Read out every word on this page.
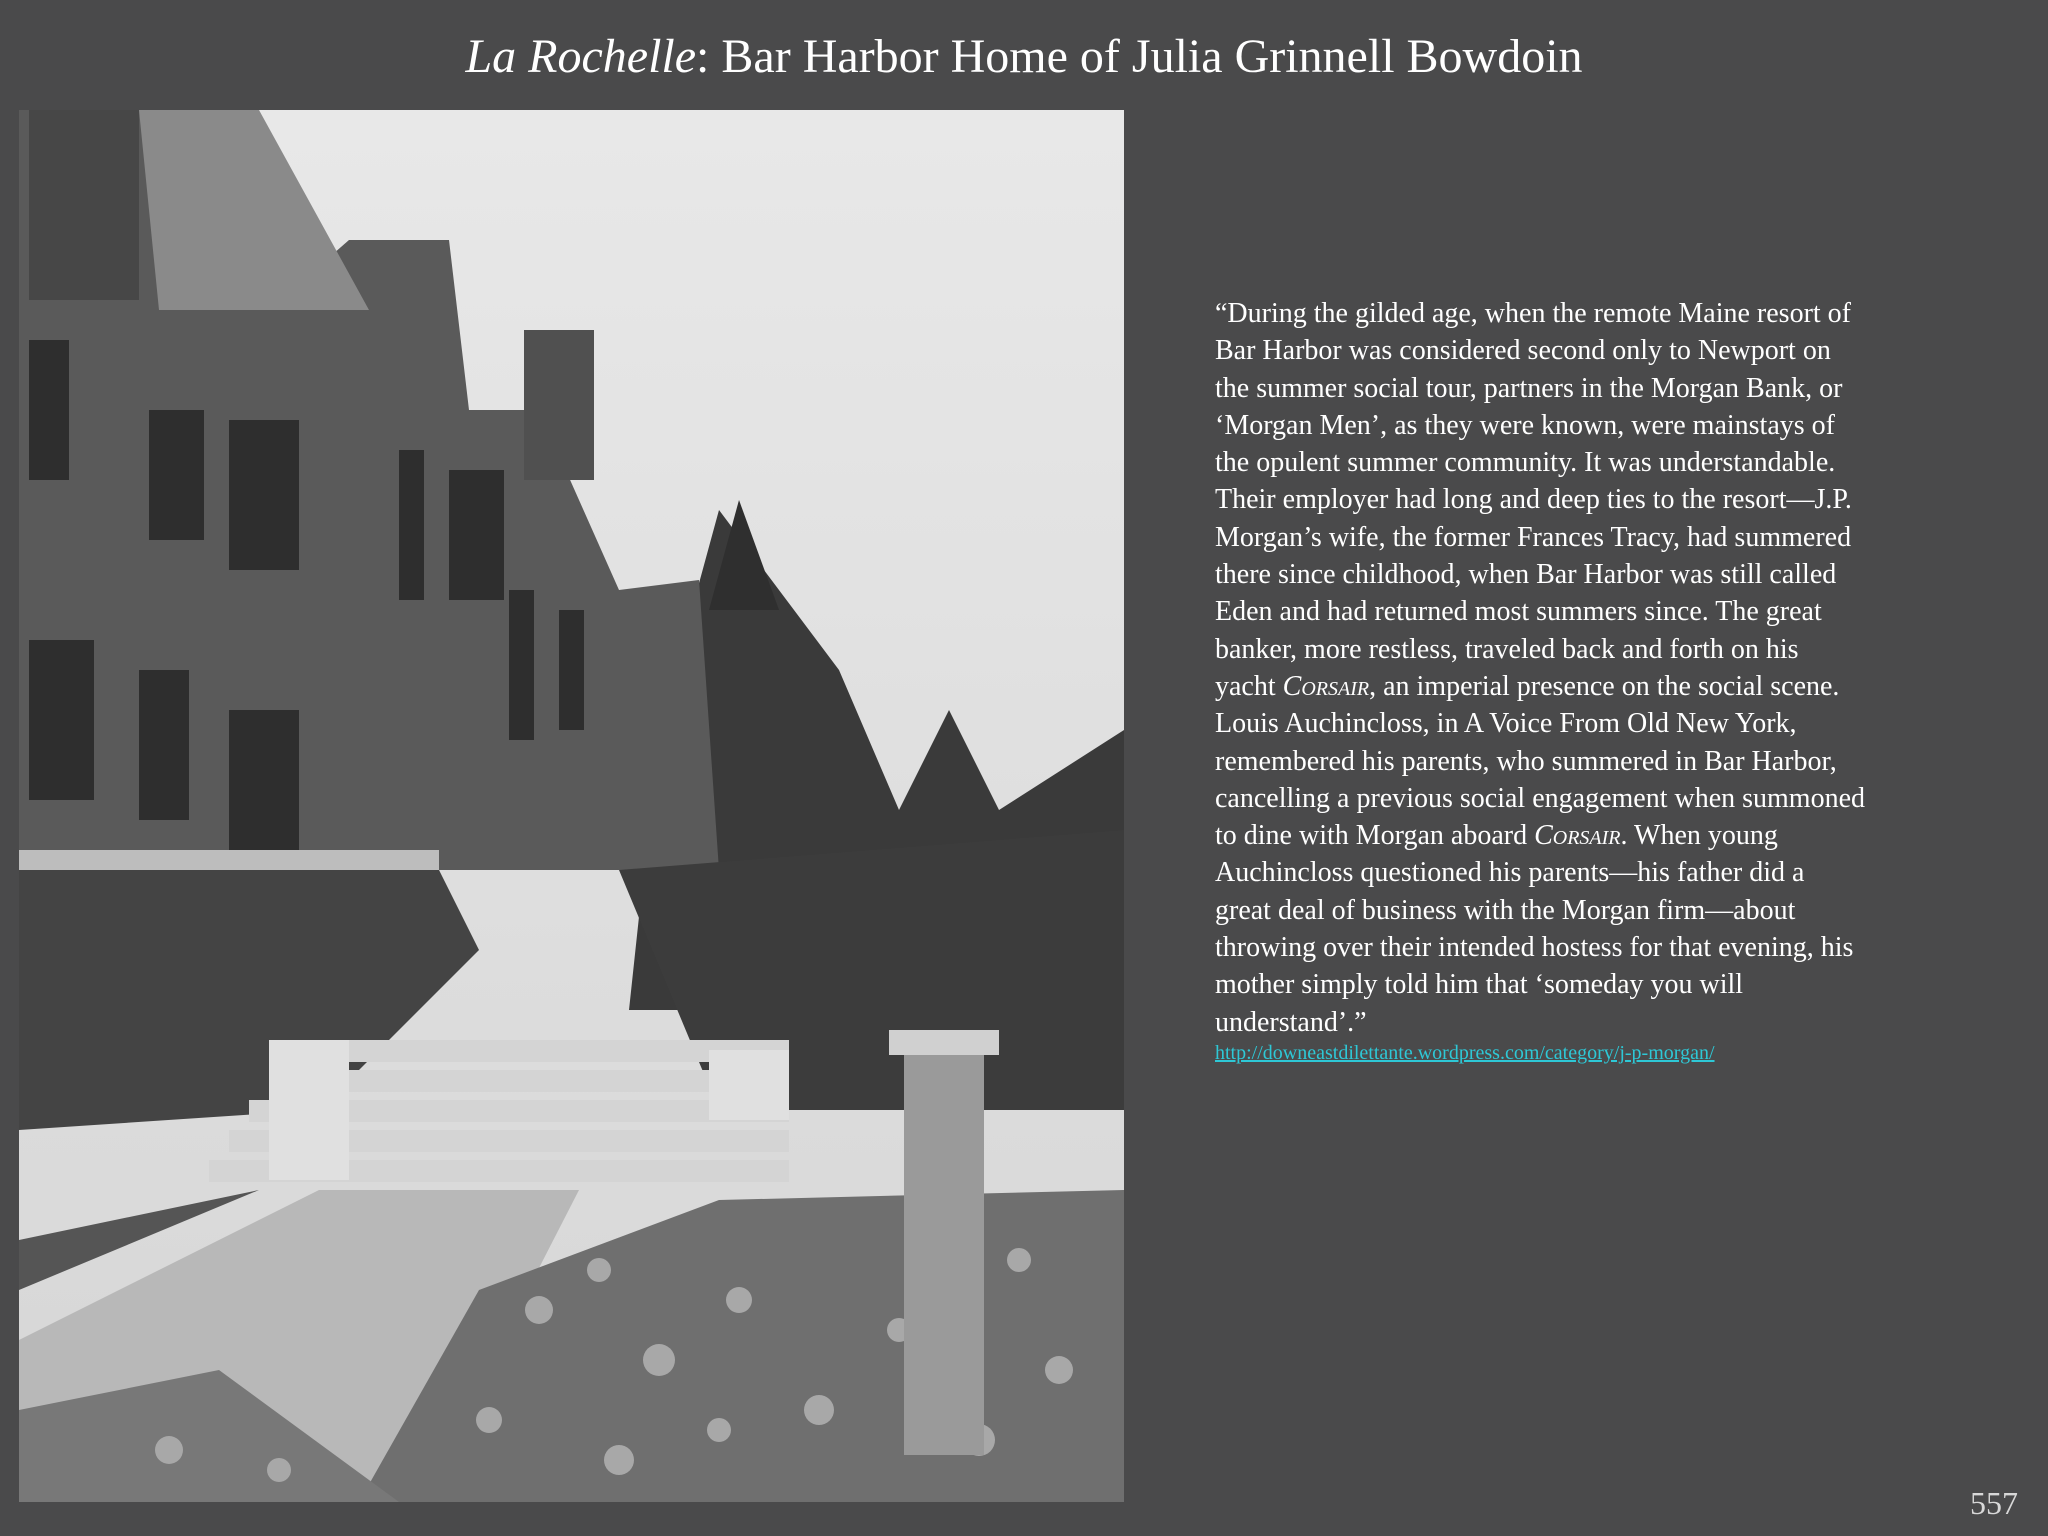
La Rochelle: Bar Harbor Home of Julia Grinnell Bowdoin

“During the gilded age, when the remote Maine resort of Bar Harbor was considered second only to Newport on the summer social tour, partners in the Morgan Bank, or ‘Morgan Men’, as they were known, were mainstays of the opulent summer community. It was understandable. Their employer had long and deep ties to the resort—J.P. Morgan’s wife, the former Frances Tracy, had summered there since childhood, when Bar Harbor was still called Eden and had returned most summers since. The great banker, more restless, traveled back and forth on his yacht Corsair, an imperial presence on the social scene. Louis Auchincloss, in A Voice From Old New York, remembered his parents, who summered in Bar Harbor, cancelling a previous social engagement when summoned to dine with Morgan aboard Corsair. When young Auchincloss questioned his parents—his father did a great deal of business with the Morgan firm—about throwing over their intended hostess for that evening, his mother simply told him that ‘someday you will understand’.”

http://downeastdilettante.wordpress.com/category/j-p-morgan/
557
